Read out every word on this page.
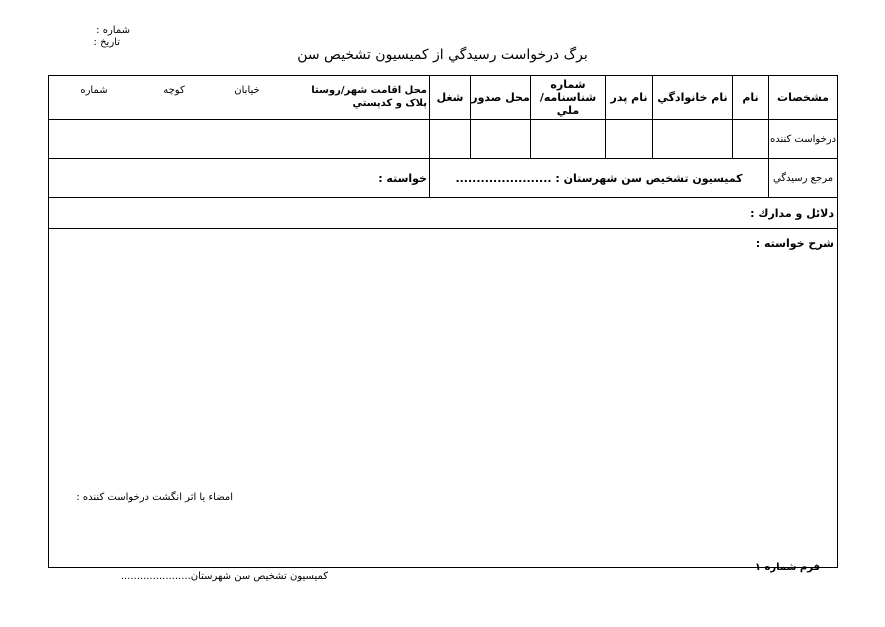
شماره :
تاريخ :
برگ درخواست رسيدگي از کميسيون تشخيص سن
مشخصات
نام
نام خانوادگي
نام پدر
شماره شناسنامه/ ملي
محل صدور
شغل
محل اقامت شهر/روستا پلاک و کدپستي
خيابان
کوچه
شماره
درخواست کننده
مرجع رسيدگي
کميسيون تشخيص سن شهرستان : .......................
خواسته :
دلائل و مدارك :
شرح خواسته :
امضاء يا اثر انگشت درخواست کننده :
فرم شماره ۱
کميسيون تشخيص سن شهرستان......................
